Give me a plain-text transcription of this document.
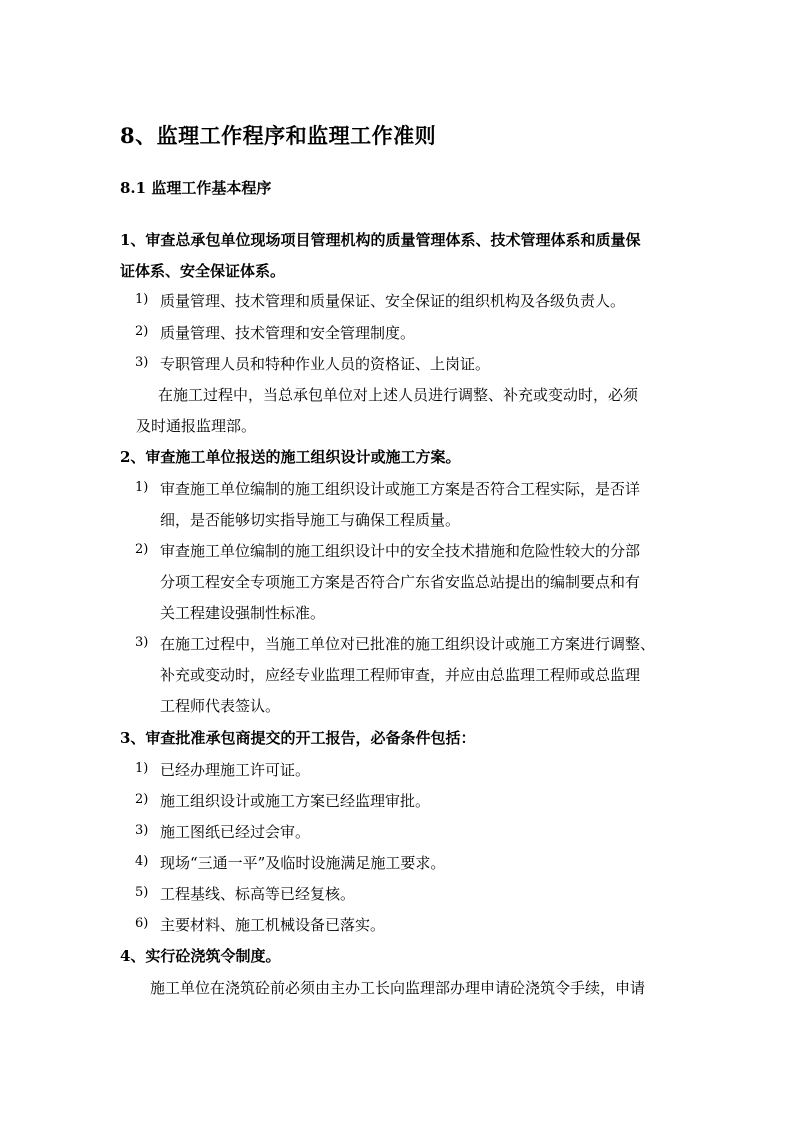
8、监理工作程序和监理工作准则
8.1 监理工作基本程序
1、审查总承包单位现场项目管理机构的质量管理体系、技术管理体系和质量保
证体系、安全保证体系。
1) 质量管理、技术管理和质量保证、安全保证的组织机构及各级负责人。
2) 质量管理、技术管理和安全管理制度。
3) 专职管理人员和特种作业人员的资格证、上岗证。
在施工过程中，当总承包单位对上述人员进行调整、补充或变动时，必须
及时通报监理部。
2、审查施工单位报送的施工组织设计或施工方案。
1) 审查施工单位编制的施工组织设计或施工方案是否符合工程实际，是否详
细，是否能够切实指导施工与确保工程质量。
2) 审查施工单位编制的施工组织设计中的安全技术措施和危险性较大的分部
分项工程安全专项施工方案是否符合广东省安监总站提出的编制要点和有
关工程建设强制性标准。
3) 在施工过程中，当施工单位对已批准的施工组织设计或施工方案进行调整、
补充或变动时，应经专业监理工程师审查，并应由总监理工程师或总监理
工程师代表签认。
3、审查批准承包商提交的开工报告，必备条件包括：
1) 已经办理施工许可证。
2) 施工组织设计或施工方案已经监理审批。
3) 施工图纸已经过会审。
4) 现场“三通一平”及临时设施满足施工要求。
5) 工程基线、标高等已经复核。
6) 主要材料、施工机械设备已落实。
4、实行砼浇筑令制度。
施工单位在浇筑砼前必须由主办工长向监理部办理申请砼浇筑令手续，申请
